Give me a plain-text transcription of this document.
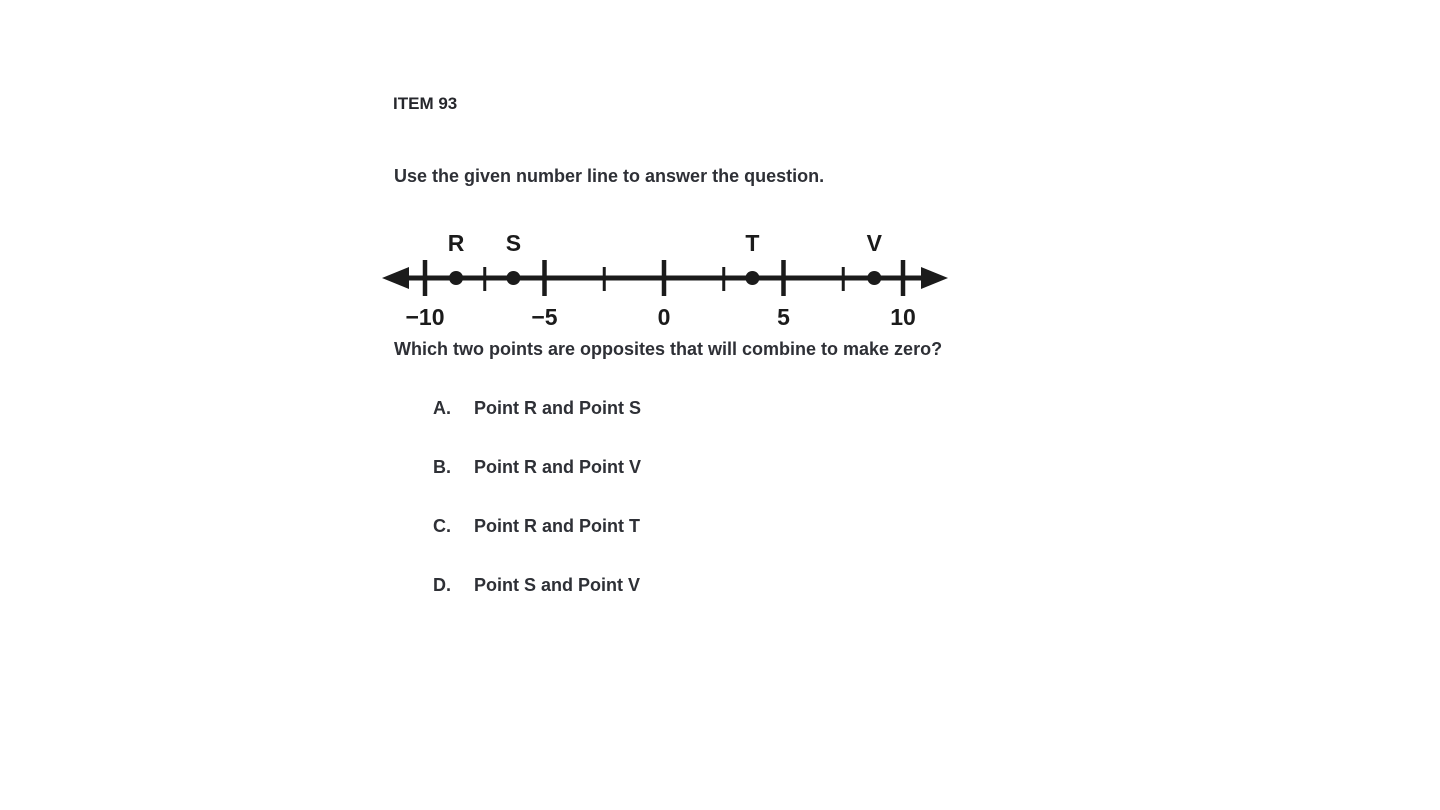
ITEM 93
Use the given number line to answer the question.
−10	−5	0	5	10
R S	T	V
Which two points are opposites that will combine to make zero?
A. Point R and Point S
B. Point R and Point V
C. Point R and Point T
D. Point S and Point V
